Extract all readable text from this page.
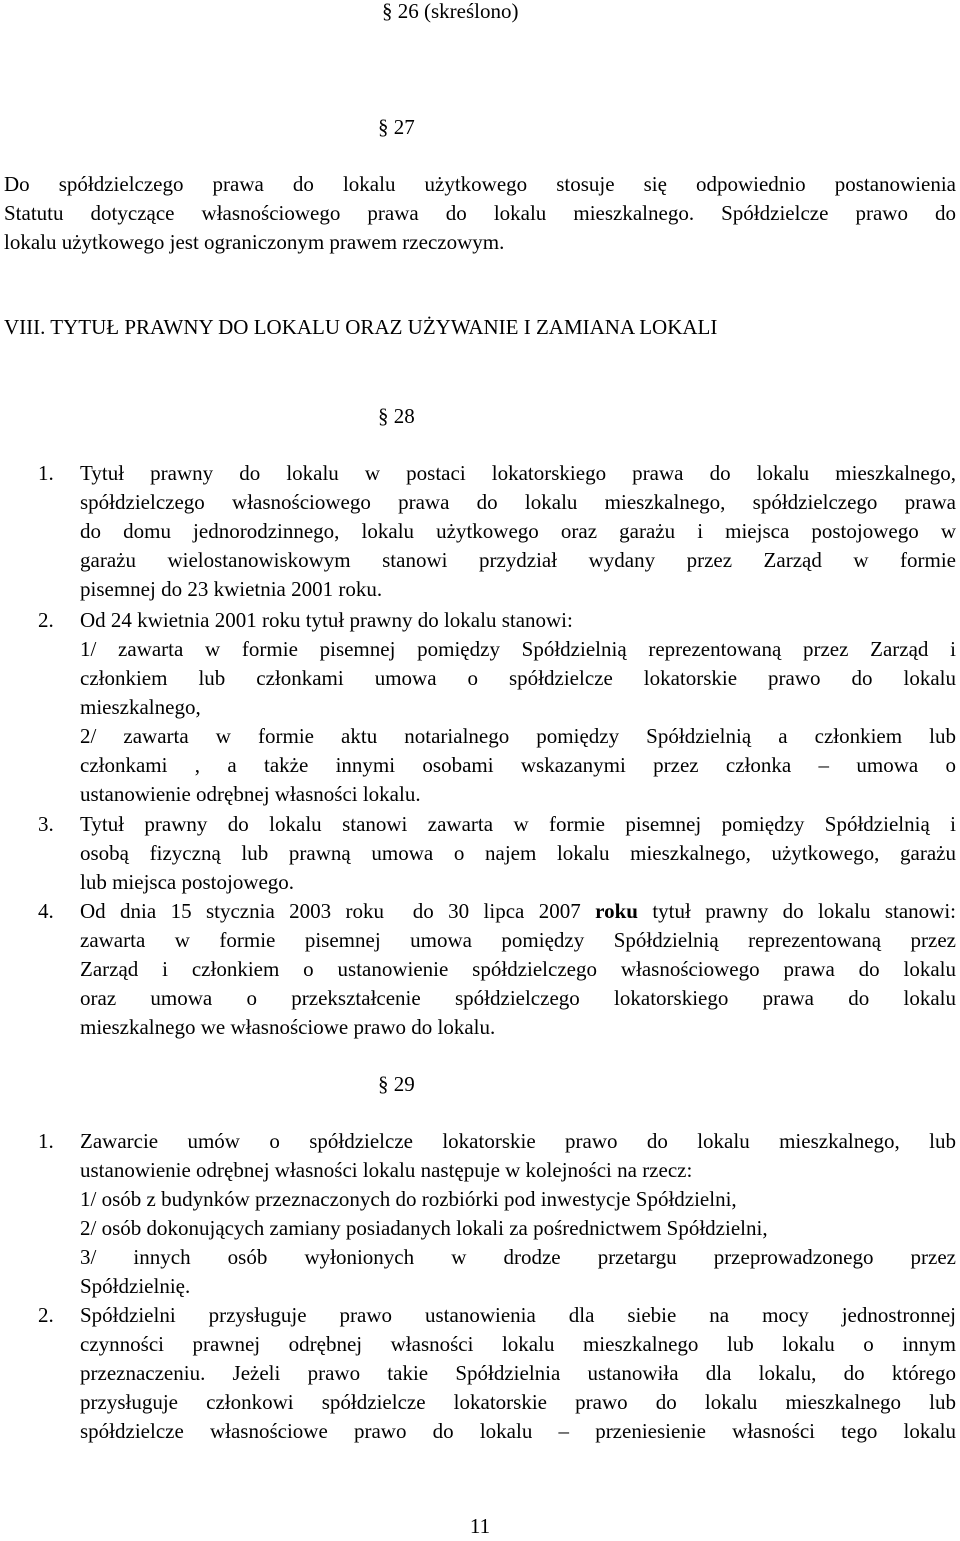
§ 26 (skreślono)
§ 27
Do spółdzielczego prawa do lokalu użytkowego stosuje się odpowiednio postanowienia
Statutu dotyczące własnościowego prawa do lokalu mieszkalnego. Spółdzielcze prawo do
lokalu użytkowego jest ograniczonym prawem rzeczowym.
VIII. TYTUŁ PRAWNY DO LOKALU ORAZ UŻYWANIE I ZAMIANA LOKALI
§ 28
1.	Tytuł prawny do lokalu w postaci lokatorskiego prawa do lokalu mieszkalnego,
spółdzielczego własnościowego prawa do lokalu mieszkalnego, spółdzielczego prawa
do domu jednorodzinnego, lokalu użytkowego oraz garażu i miejsca postojowego w
garażu wielostanowiskowym stanowi przydział wydany przez Zarząd w formie
pisemnej do 23 kwietnia 2001 roku.
2.	Od 24 kwietnia 2001 roku tytuł prawny do lokalu stanowi:
1/ zawarta w formie pisemnej pomiędzy Spółdzielnią reprezentowaną przez Zarząd i
członkiem lub członkami umowa o spółdzielcze lokatorskie prawo do lokalu
mieszkalnego,
2/ zawarta w formie aktu notarialnego pomiędzy Spółdzielnią a członkiem lub
członkami , a także innymi osobami wskazanymi przez członka – umowa o
ustanowienie odrębnej własności lokalu.
3.	Tytuł prawny do lokalu stanowi zawarta w formie pisemnej pomiędzy Spółdzielnią i
osobą fizyczną lub prawną umowa o najem lokalu mieszkalnego, użytkowego, garażu
lub miejsca postojowego.
4.	Od dnia 15 stycznia 2003 roku  do 30 lipca 2007 roku tytuł prawny do lokalu stanowi:
zawarta w formie pisemnej umowa pomiędzy Spółdzielnią reprezentowaną przez
Zarząd i członkiem o ustanowienie spółdzielczego własnościowego prawa do lokalu
oraz umowa o przekształcenie spółdzielczego lokatorskiego prawa do lokalu
mieszkalnego we własnościowe prawo do lokalu.
§ 29
1.	Zawarcie umów o spółdzielcze lokatorskie prawo do lokalu mieszkalnego, lub
ustanowienie odrębnej własności lokalu następuje w kolejności na rzecz:
1/ osób z budynków przeznaczonych do rozbiórki pod inwestycje Spółdzielni,
2/ osób dokonujących zamiany posiadanych lokali za pośrednictwem Spółdzielni,
3/ innych osób wyłonionych w drodze przetargu przeprowadzonego przez
Spółdzielnię.
2.	Spółdzielni przysługuje prawo ustanowienia dla siebie na mocy jednostronnej
czynności prawnej odrębnej własności lokalu mieszkalnego lub lokalu o innym
przeznaczeniu. Jeżeli prawo takie Spółdzielnia ustanowiła dla lokalu, do którego
przysługuje członkowi spółdzielcze lokatorskie prawo do lokalu mieszkalnego lub
spółdzielcze własnościowe prawo do lokalu – przeniesienie własności tego lokalu
11
